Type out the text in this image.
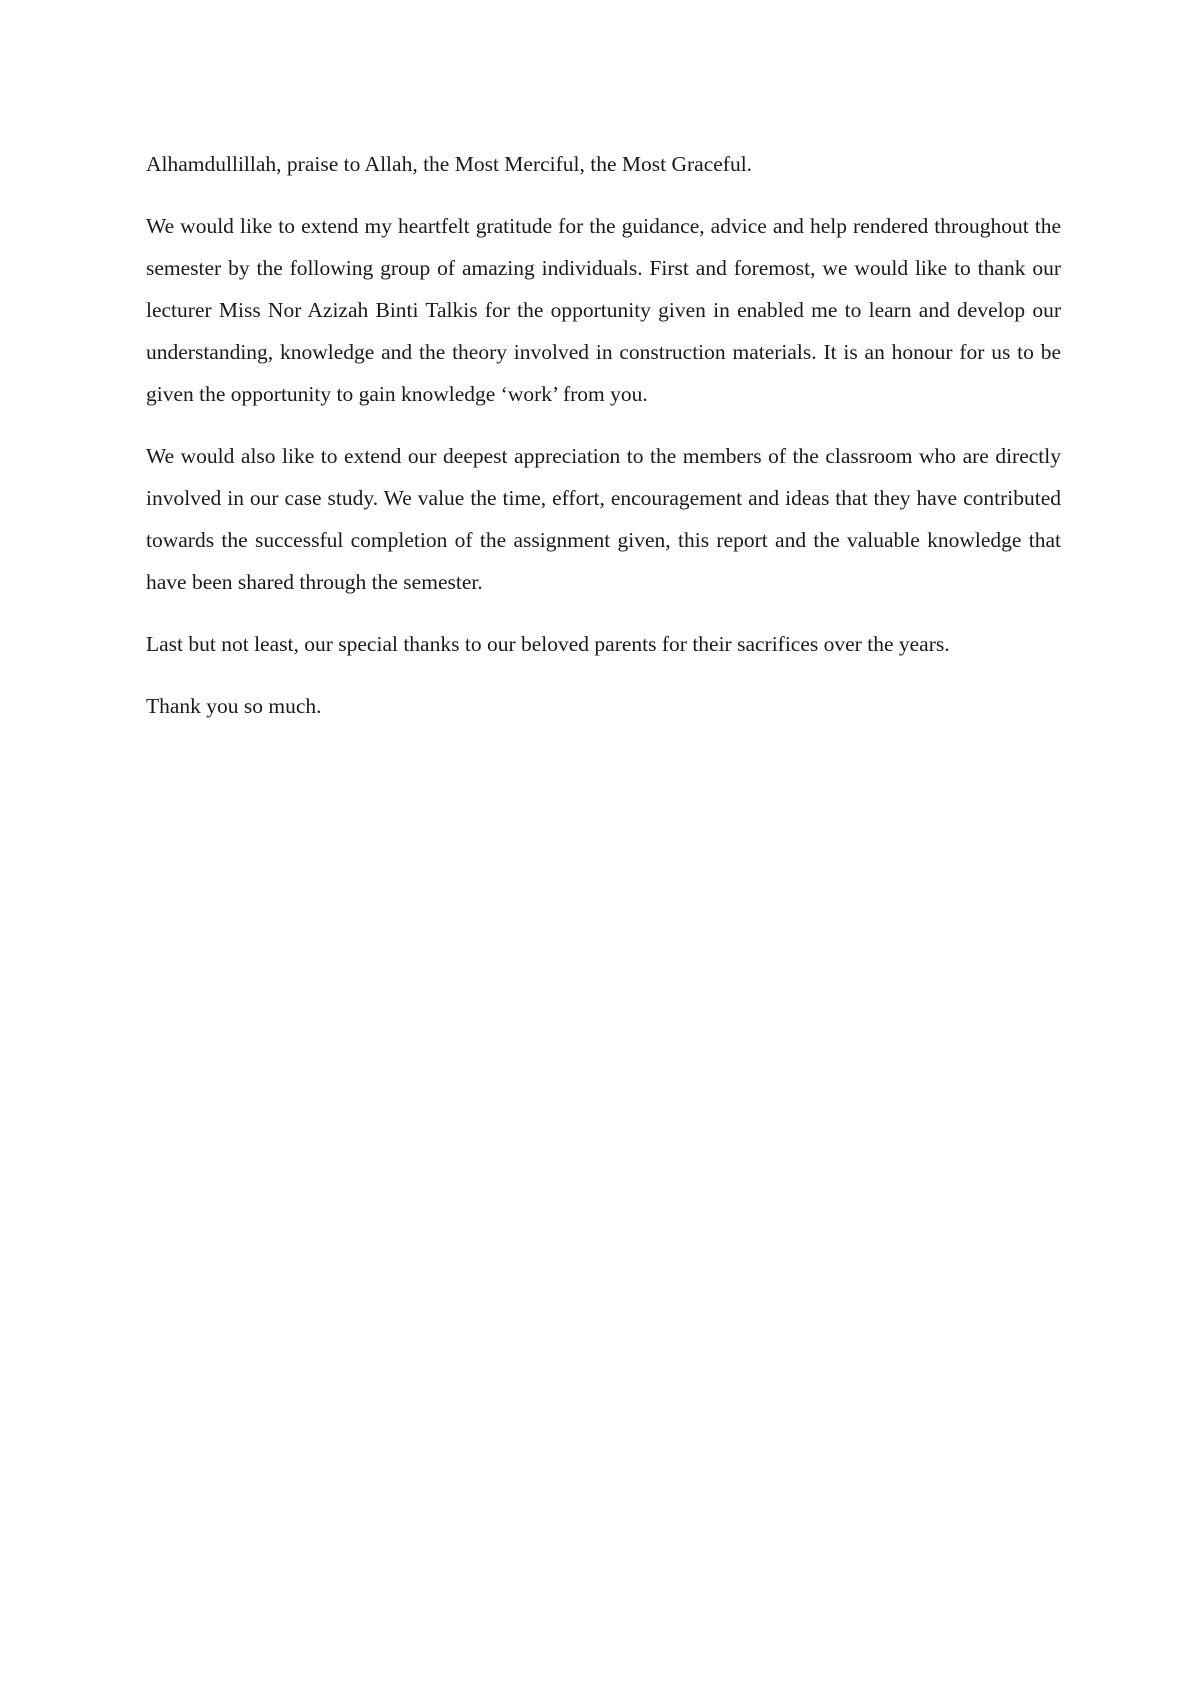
Alhamdullillah, praise to Allah, the Most Merciful, the Most Graceful.

We would like to extend my heartfelt gratitude for the guidance, advice and help rendered throughout the semester by the following group of amazing individuals. First and foremost, we would like to thank our lecturer Miss Nor Azizah Binti Talkis for the opportunity given in enabled me to learn and develop our understanding, knowledge and the theory involved in construction materials. It is an honour for us to be given the opportunity to gain knowledge ‘work’ from you.

We would also like to extend our deepest appreciation to the members of the classroom who are directly involved in our case study. We value the time, effort, encouragement and ideas that they have contributed towards the successful completion of the assignment given, this report and the valuable knowledge that have been shared through the semester.

Last but not least, our special thanks to our beloved parents for their sacrifices over the years.

Thank you so much.
